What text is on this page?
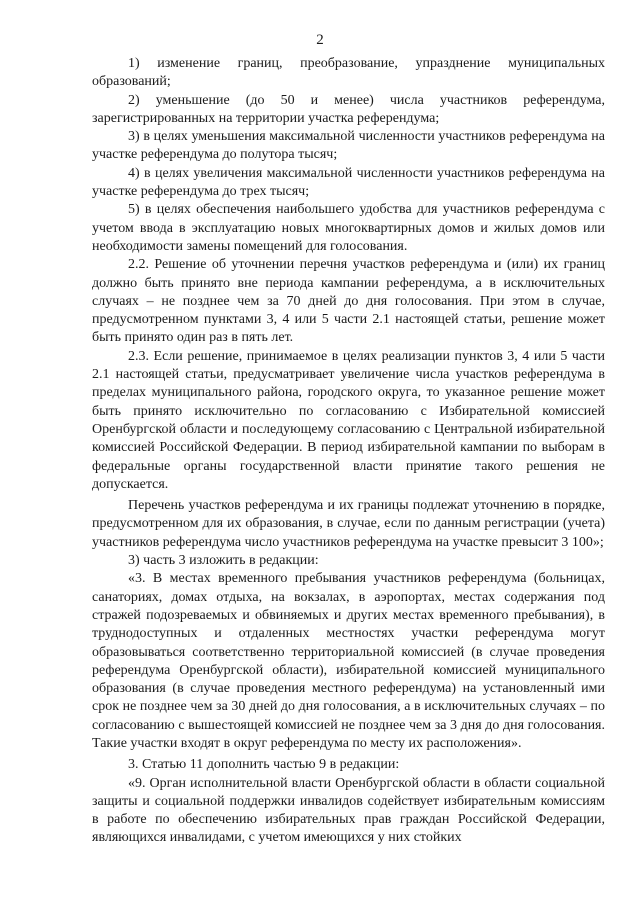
2

1) изменение границ, преобразование, упразднение муниципальных образований;

2) уменьшение (до 50 и менее) числа участников референдума, зарегистрированных на территории участка референдума;

3) в целях уменьшения максимальной численности участников референдума на участке референдума до полутора тысяч;

4) в целях увеличения максимальной численности участников референдума на участке референдума до трех тысяч;

5) в целях обеспечения наибольшего удобства для участников референдума с учетом ввода в эксплуатацию новых многоквартирных домов и жилых домов или необходимости замены помещений для голосования.

2.2. Решение об уточнении перечня участков референдума и (или) их границ должно быть принято вне периода кампании референдума, а в исключительных случаях – не позднее чем за 70 дней до дня голосования. При этом в случае, предусмотренном пунктами 3, 4 или 5 части 2.1 настоящей статьи, решение может быть принято один раз в пять лет.

2.3. Если решение, принимаемое в целях реализации пунктов 3, 4 или 5 части 2.1 настоящей статьи, предусматривает увеличение числа участков референдума в пределах муниципального района, городского округа, то указанное решение может быть принято исключительно по согласованию с Избирательной комиссией Оренбургской области и последующему согласованию с Центральной избирательной комиссией Российской Федерации. В период избирательной кампании по выборам в федеральные органы государственной власти принятие такого решения не допускается.

Перечень участков референдума и их границы подлежат уточнению в порядке, предусмотренном для их образования, в случае, если по данным регистрации (учета) участников референдума число участников референдума на участке превысит 3 100»;

3) часть 3 изложить в редакции:

«3. В местах временного пребывания участников референдума (больницах, санаториях, домах отдыха, на вокзалах, в аэропортах, местах содержания под стражей подозреваемых и обвиняемых и других местах временного пребывания), в труднодоступных и отдаленных местностях участки референдума могут образовываться соответственно территориальной комиссией (в случае проведения референдума Оренбургской области), избирательной комиссией муниципального образования (в случае проведения местного референдума) на установленный ими срок не позднее чем за 30 дней до дня голосования, а в исключительных случаях – по согласованию с вышестоящей комиссией не позднее чем за 3 дня до дня голосования. Такие участки входят в округ референдума по месту их расположения».

3. Статью 11 дополнить частью 9 в редакции:

«9. Орган исполнительной власти Оренбургской области в области социальной защиты и социальной поддержки инвалидов содействует избирательным комиссиям в работе по обеспечению избирательных прав граждан Российской Федерации, являющихся инвалидами, с учетом имеющихся у них стойких
